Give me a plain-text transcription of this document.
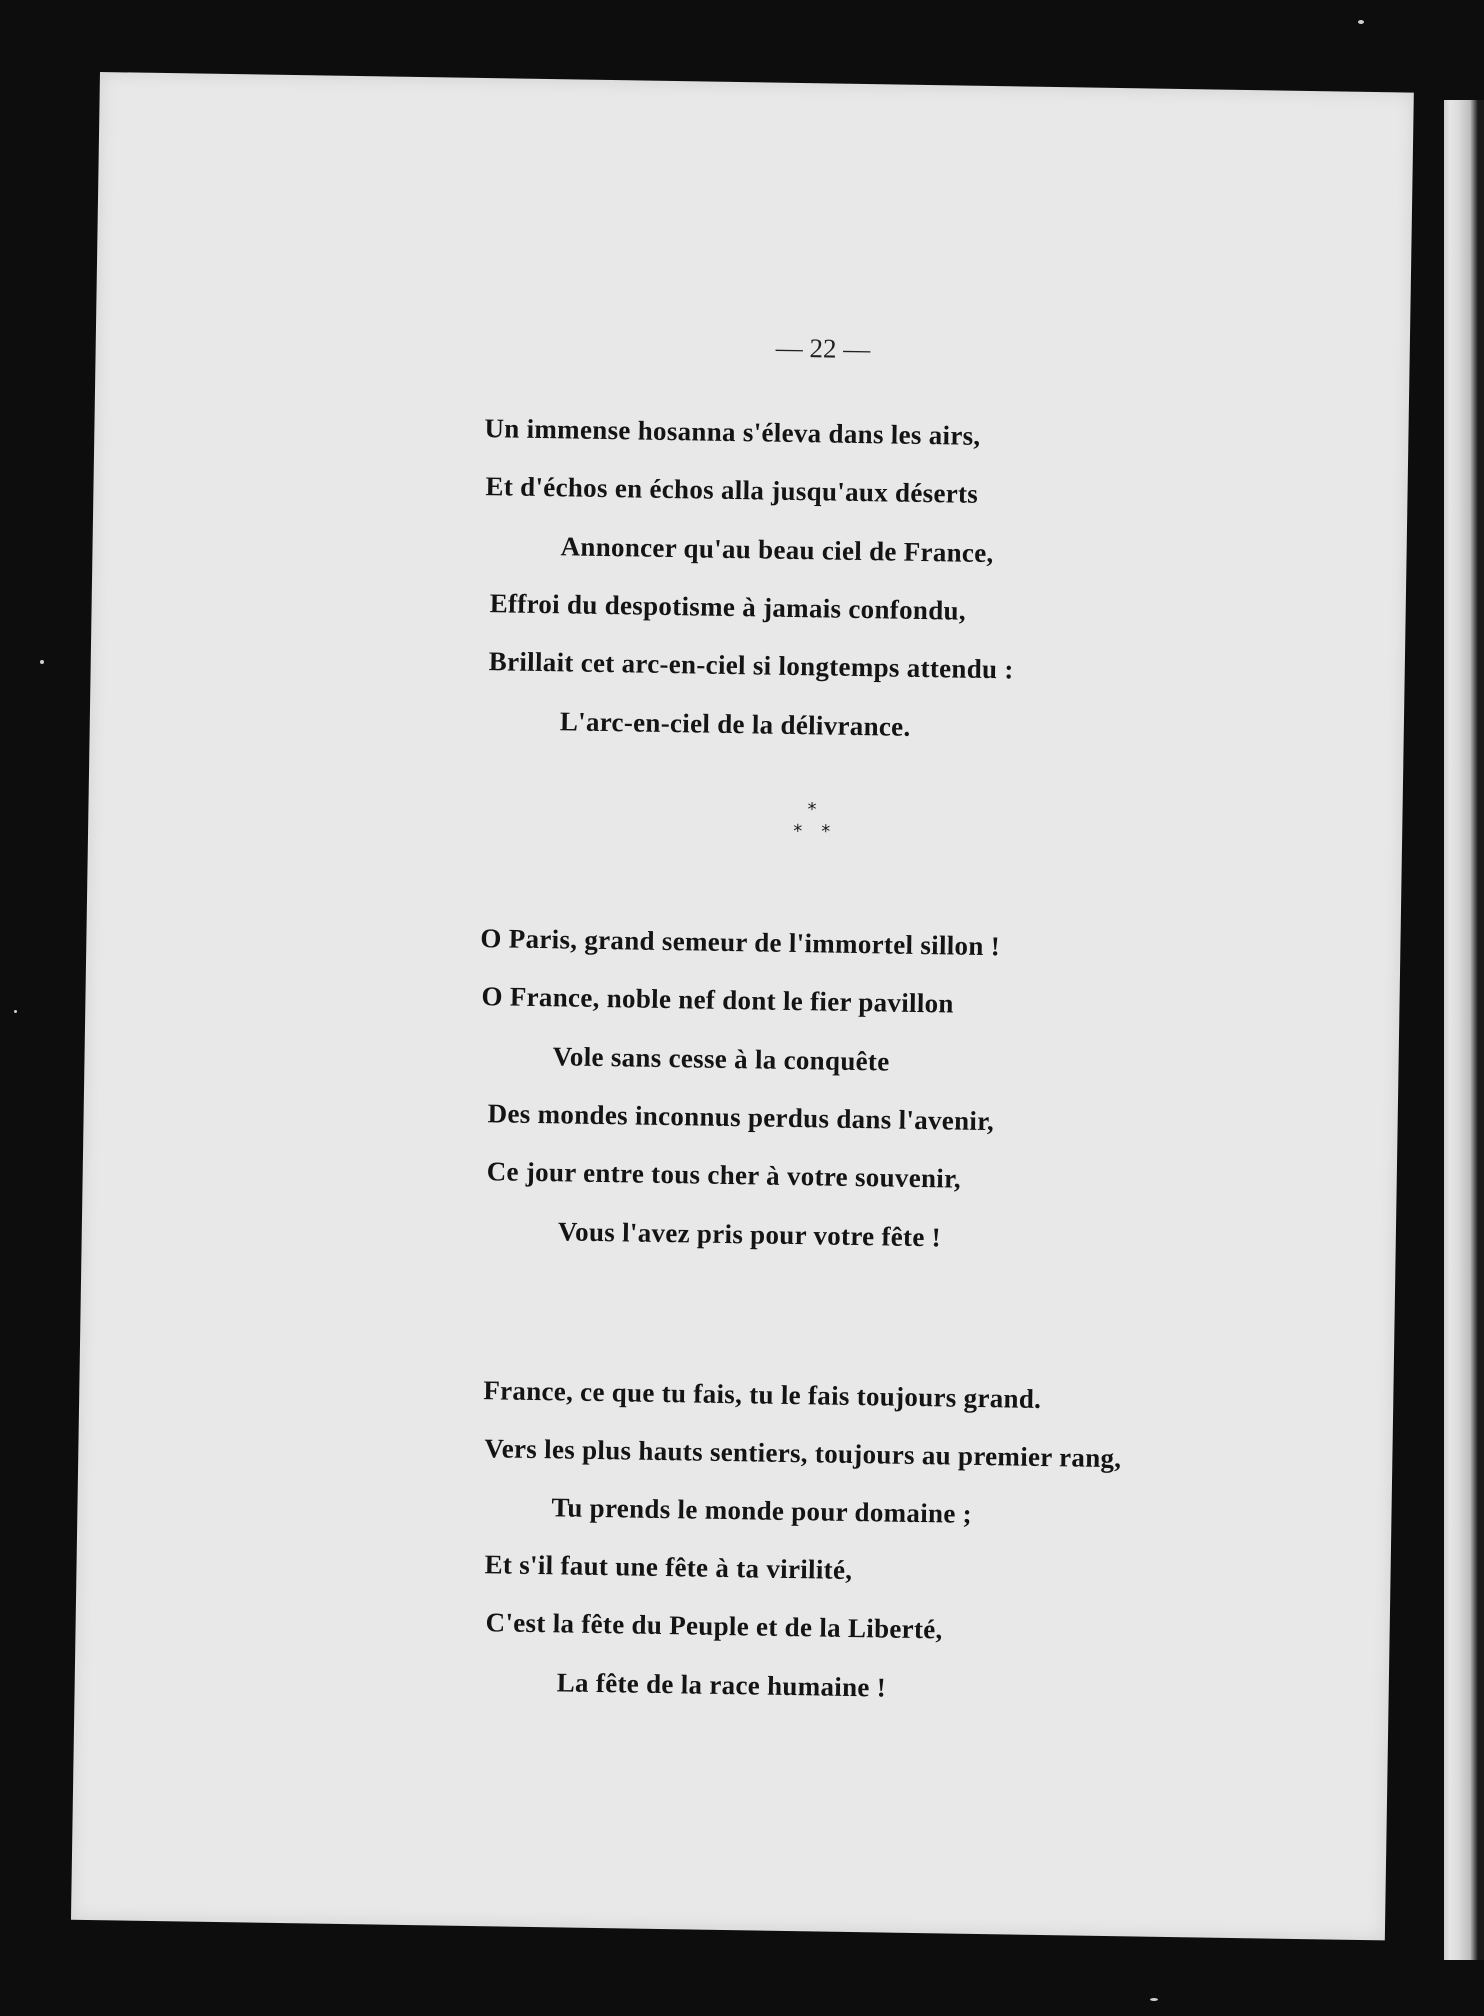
— 22 —
Un immense hosanna s'éleva dans les airs,
Et d'échos en échos alla jusqu'aux déserts
Annoncer qu'au beau ciel de France,
Effroi du despotisme à jamais confondu,
Brillait cet arc-en-ciel si longtemps attendu :
L'arc-en-ciel de la délivrance.
O Paris, grand semeur de l'immortel sillon !
O France, noble nef dont le fier pavillon
Vole sans cesse à la conquête
Des mondes inconnus perdus dans l'avenir,
Ce jour entre tous cher à votre souvenir,
Vous l'avez pris pour votre fête !
France, ce que tu fais, tu le fais toujours grand.
Vers les plus hauts sentiers, toujours au premier rang,
Tu prends le monde pour domaine ;
Et s'il faut une fête à ta virilité,
C'est la fête du Peuple et de la Liberté,
La fête de la race humaine !
*
* *
